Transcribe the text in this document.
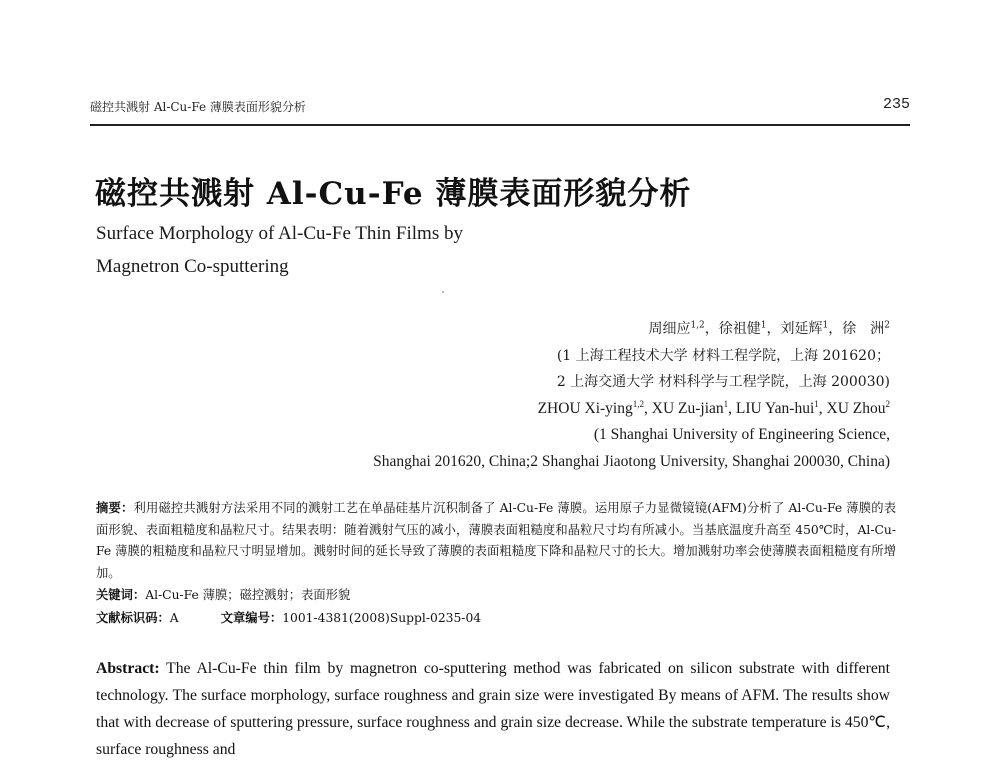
磁控共溅射 Al-Cu-Fe 薄膜表面形貌分析	235
磁控共溅射 Al-Cu-Fe 薄膜表面形貌分析
Surface Morphology of Al-Cu-Fe Thin Films by
Magnetron Co-sputtering
周细应$^{1,2}$，徐祖健$^1$，刘延辉$^1$，徐　洲$^2$
(1 上海工程技术大学 材料工程学院，上海 201620；
2 上海交通大学 材料科学与工程学院，上海 200030)
ZHOU Xi-ying$^{1,2}$, XU Zu-jian$^1$, LIU Yan-hui$^1$, XU Zhou$^2$
(1 Shanghai University of Engineering Science,
Shanghai 201620, China;2 Shanghai Jiaotong University, Shanghai 200030, China)
摘要：利用磁控共溅射方法采用不同的溅射工艺在单晶硅基片沉积制备了 Al-Cu-Fe 薄膜。运用原子力显微镜镜(AFM)分析了 Al-Cu-Fe 薄膜的表面形貌、表面粗糙度和晶粒尺寸。结果表明：随着溅射气压的减小，薄膜表面粗糙度和晶粒尺寸均有所减小。当基底温度升高至 450℃时，Al-Cu-Fe 薄膜的粗糙度和晶粒尺寸明显增加。溅射时间的延长导致了薄膜的表面粗糙度下降和晶粒尺寸的长大。增加溅射功率会使薄膜表面粗糙度有所增加。
关键词：Al-Cu-Fe 薄膜；磁控溅射；表面形貌
文献标识码：A	文章编号：1001-4381(2008)Suppl-0235-04
Abstract: The Al-Cu-Fe thin film by magnetron co-sputtering method was fabricated on silicon substrate with different technology. The surface morphology, surface roughness and grain size were investigated By means of AFM. The results show that with decrease of sputtering pressure, surface roughness and grain size decrease. While the substrate temperature is 450℃, surface roughness and
